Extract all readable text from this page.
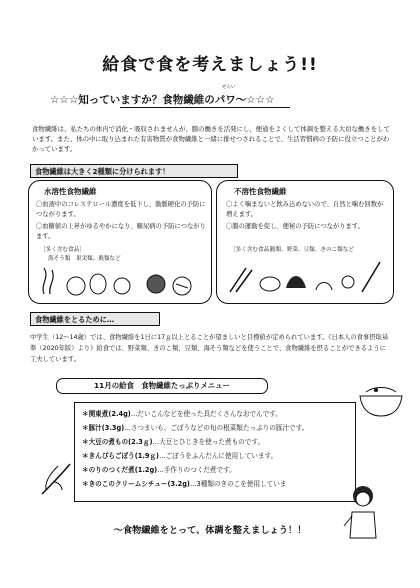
給食で食を考えましょう!!
☆☆☆知っていますか？食物繊維のパワ～☆☆☆
せんい
食物繊維は、私たちの体内で消化・吸収されませんが、腸の働きを活発にし、便通をよくして体調を整える大切な働きをしています。また、体の中に取り込まれた有害物質が食物繊維と一緒に排せつされることで、生活習慣病の予防に役立つことがわかっています。
食物繊維は大きく2種類に分けられます！
水溶性食物繊維
〇血液中のコレステロール濃度を低下し、動脈硬化の予防につながります。
〇血糖値の上昇がゆるやかになり、糖尿病の予防につながります。
［多く含む食品］
海そう類　果実類、穀類など
不溶性食物繊維
〇よく噛まないと飲み込めないので、自然と噛む回数が増えます。
〇腸の運動を促し、便秘の予防につながります。
［多く含む食品］
穀類、野菜、豆類、きのこ類など
食物繊維をとるために…
中学生（12～14歳）では、食物繊維を1日に17ｇ以上とることが望ましいと目標値が定められています。《日本人の食事摂取基準（2020年版）より》給食では、野菜類、きのこ類、豆類、海そう類などを使うことで、食物繊維を摂ることができるように工夫しています。
11月の給食　食物繊維たっぷりメニュー
＊関東煮(2.4g)…だいこんなどを使った具だくさんなおでんです。
＊豚汁(3.3g)…さつまいも、ごぼうなどの旬の根菜類たっぷりの豚汁です。
＊大豆の煮もの(2.3ｇ)…大豆とひじきを使った煮ものです。
＊きんぴらごぼう(1.9ｇ)…ごぼうをふんだんに使用しています。
＊のりのつくだ煮(1.2g)…手作りのつくだ煮です。
＊きのこのクリームシチュー(3.2g)…3種類のきのこを使用していま
～食物繊維をとって、体調を整えましょう！！
